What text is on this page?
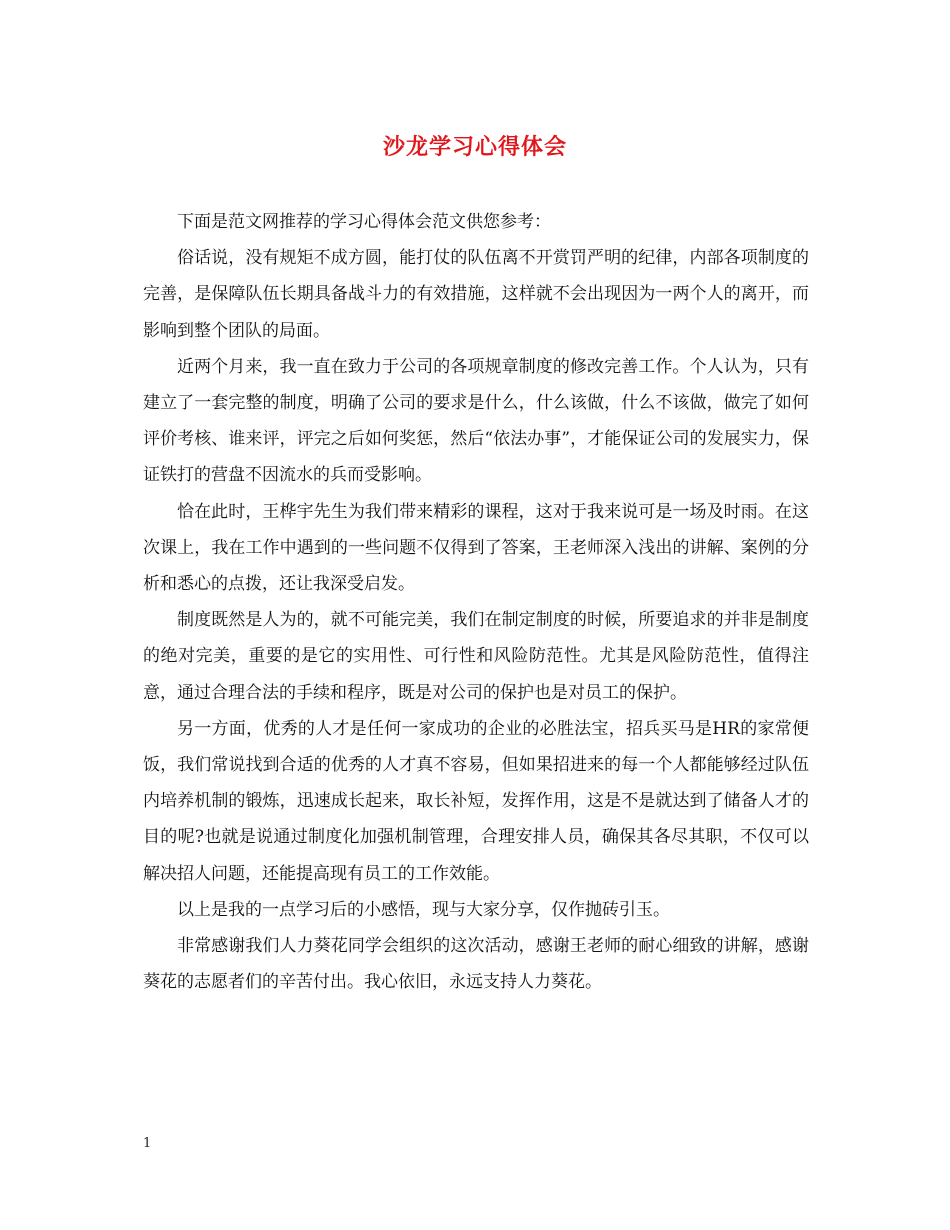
沙龙学习心得体会

下面是范文网推荐的学习心得体会范文供您参考：

俗话说，没有规矩不成方圆，能打仗的队伍离不开赏罚严明的纪律，内部各项制度的完善，是保障队伍长期具备战斗力的有效措施，这样就不会出现因为一两个人的离开，而影响到整个团队的局面。

近两个月来，我一直在致力于公司的各项规章制度的修改完善工作。个人认为，只有建立了一套完整的制度，明确了公司的要求是什么，什么该做，什么不该做，做完了如何评价考核、谁来评，评完之后如何奖惩，然后“依法办事”，才能保证公司的发展实力，保证铁打的营盘不因流水的兵而受影响。

恰在此时，王桦宇先生为我们带来精彩的课程，这对于我来说可是一场及时雨。在这次课上，我在工作中遇到的一些问题不仅得到了答案，王老师深入浅出的讲解、案例的分析和悉心的点拨，还让我深受启发。

制度既然是人为的，就不可能完美，我们在制定制度的时候，所要追求的并非是制度的绝对完美，重要的是它的实用性、可行性和风险防范性。尤其是风险防范性，值得注意，通过合理合法的手续和程序，既是对公司的保护也是对员工的保护。

另一方面，优秀的人才是任何一家成功的企业的必胜法宝，招兵买马是HR的家常便饭，我们常说找到合适的优秀的人才真不容易，但如果招进来的每一个人都能够经过队伍内培养机制的锻炼，迅速成长起来，取长补短，发挥作用，这是不是就达到了储备人才的目的呢?也就是说通过制度化加强机制管理，合理安排人员，确保其各尽其职，不仅可以解决招人问题，还能提高现有员工的工作效能。

以上是我的一点学习后的小感悟，现与大家分享，仅作抛砖引玉。

非常感谢我们人力葵花同学会组织的这次活动，感谢王老师的耐心细致的讲解，感谢葵花的志愿者们的辛苦付出。我心依旧，永远支持人力葵花。

1
